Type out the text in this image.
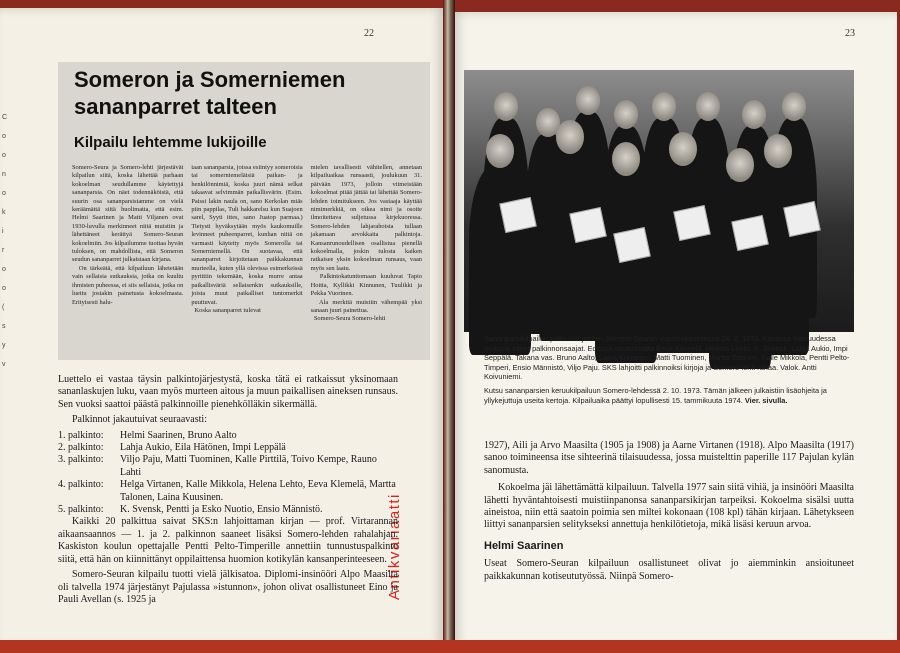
22	23
C
o
o
n
o
k
i
r
o
o
(
s
y
v
Someron ja Somerniemen sananparret talteen
Kilpailu lehtemme lukijoille
Somero-Seura ja Somero-lehti järjestävät kilpailun siitä, koska lähettää parhaan kokoelman seudullamme käytettyjä sananparsia. On näet todennäköistä, että suurin osa sananparsistamme on vielä keräämättä siitä huolimatta, että esim. Helmi Saarinen ja Matti Viljanen ovat 1930-luvulla merkinneet niitä muistiin ja lähettäneet kerättyä Somero-Seuran kokoelmiin. Jos kilpailumme tuottaa hyvän tuloksen, on mahdollista, että Someron seudun sananparret julkaistaan kirjana.
On tärkeätä, että kilpailuun lähetetään vain sellaisia sutkauksia, jotka on kuultu ihmisten puheessa, ei siis sellaisia, jotka on luettu jostakin painetusta kokoelmasta. Erityisesti halu-
taan sananparsia, joissa esiintyy someroisia tai somerniemeläisiä paikan- ja henkilönnimiä, koska juuri nämä selkat takaavat selvimmän paikallisvärin. (Esim. Paissi lakin naula on, sano Kerkolan miäs piin pappilas, Tuli hakkarelsu kun Suajoen sarel, Syyti ittes, sano Juatop parmaa.) Tietysti hyväksytään myös kaukomuille levinneet puheenparret, kunhan niitä on varmasti käytetty myös Somerolla tai Somerniemellä. On suotavaa, että sananparret kirjoitetaan paikkakunnan murteella, kuten yllä olevissa esimerkeissä pyrittiin tekemään, koska murre antaa paikallisväriä sellaisenkin sutkauksille, joista muut paikalliset tuntomerkit puuttuvat.
Koska sananparret tulevat
mielen tavallisesti vähitellen, annetaan kilpailuaikaa runsaasti, joulukuun 31. päivään 1973, jolloin viimeistään kokoelmat pitää jättää tai lähettää Somero-lehden toimitukseen. Jos vastaaja käyttää nimimerkkiä, on oikea nimi ja osoite ilmoitettava suljetussa kirjekuoressa. Somero-lehden lahjarahoista tullaan jakamaan arvokkaita palkintoja. Kansanrunoudellisen osallistua pienellä kokoelmalla, joskin tulosta kaiken ratkaisee yksin kokoelman runsaus, vaan myös sen laatu.
Palkintokatunttomaan kuuluvat Tapio Hoitta, Kyllikki Kinnunen, Tuulikki ja Pekka Vuorinen.
Ala merkitä muistiin vähempää yksi sanaan juuri painettua.
Somero-Seura Somero-lehti
Antikvariaatti

Luettelo ei vastaa täysin palkintojärjestystä, koska tätä ei ratkaissut yksinomaan sananlaskujen luku, vaan myös murteen aitous ja muun paikallisen aineksen runsaus. Sen vuoksi saattoi päästä palkinnoille pienehkölläkin sikermällä.

Palkinnot jakautuivat seuraavasti:

1. palkinto:	Helmi Saarinen, Bruno Aalto
2. palkinto:	Lahja Aukio, Eila Hätönen, Impi Leppälä
3. palkinto:	Viljo Paju, Matti Tuominen, Kalle Pirttilä, Toivo Kempe, Rauno Lahti
4. palkinto:	Helga Virtanen, Kalle Mikkola, Helena Lehto, Eeva Klemelä, Martta Talonen, Laina Kuusinen.
5. palkinto:	K. Svensk, Pentti ja Esko Nuotio, Ensio Männistö.

Kaikki 20 palkittua saivat SKS:n lahjoittaman kirjan — prof. Virtarannan aikaansaannos — 1. ja 2. palkinnon saaneet lisäksi Somero-lehden rahalahjan. Kaskiston koulun opettajalle Pentti Pelto-Timperille annettiin tunnustuspalkinto siitä, että hän on kiinnittänyt oppilaittensa huomion kotikylän kansanperinteeseen.

Somero-Seuran kilpailu tuotti vielä jälkisatoa. Diplomi-insinööri Alpo Maasilta oli talvella 1974 järjestänyt Pajulassa »istunnon», johon olivat osallistuneet Eino ja Pauli Avellan (s. 1925 ja

Sananparsikilpailun palkinnot jaettiin Somero-Seuran vuosikokouksessa 24. 2. 1974. Kuvassa tilaisuudessa mukana olleet palkinnonsaajat. Edessä vasemmalta Eeva Klemelä, Helena Lehto, K. Svensk, Lahja Aukio, Impi Seppälä. Takana vas. Bruno Aalto, Laina Kuusinen, Matti Tuominen, Martta Talonen, Kalle Mikkola, Pentti Pelto-Timperi, Ensio Männistö, Viljo Paju. SKS lahjoitti palkinnoiksi kirjoja ja Somero-lehti rahaa. Valok. Antti Koivuniemi.

Kutsu sananparsien keruukilpailuun Somero-lehdessä 2. 10. 1973. Tämän jälkeen julkaistiin lisäohjeita ja yllykejuttuja useita kertoja. Kilpailuaika päättyi lopullisesti 15. tammikuuta 1974. Vier. sivulla.

1927), Aili ja Arvo Maasilta (1905 ja 1908) ja Aarne Virtanen (1918). Alpo Maasilta (1917) sanoo toimineensa itse sihteerinä tilaisuudessa, jossa muistelttin paperille 117 Pajulan kylän sanomusta.

Kokoelma jäi lähettämättä kilpailuun. Talvella 1977 sain siitä vihiä, ja insinööri Maasilta lähetti hyväntahtoisesti muistiinpanonsa sananparsikirjan tarpeiksi. Kokoelma sisälsi uutta aineistoa, niin että saatoin poimia sen miltei kokonaan (108 kpl) tähän kirjaan. Lähetykseen liittyi sananparsien selitykseksi annettuja henkilötietoja, mikä lisäsi keruun arvoa.

Helmi Saarinen

Useat Somero-Seuran kilpailuun osallistuneet olivat jo aiemminkin ansioituneet paikkakunnan kotiseututyössä. Niinpä Somero-
